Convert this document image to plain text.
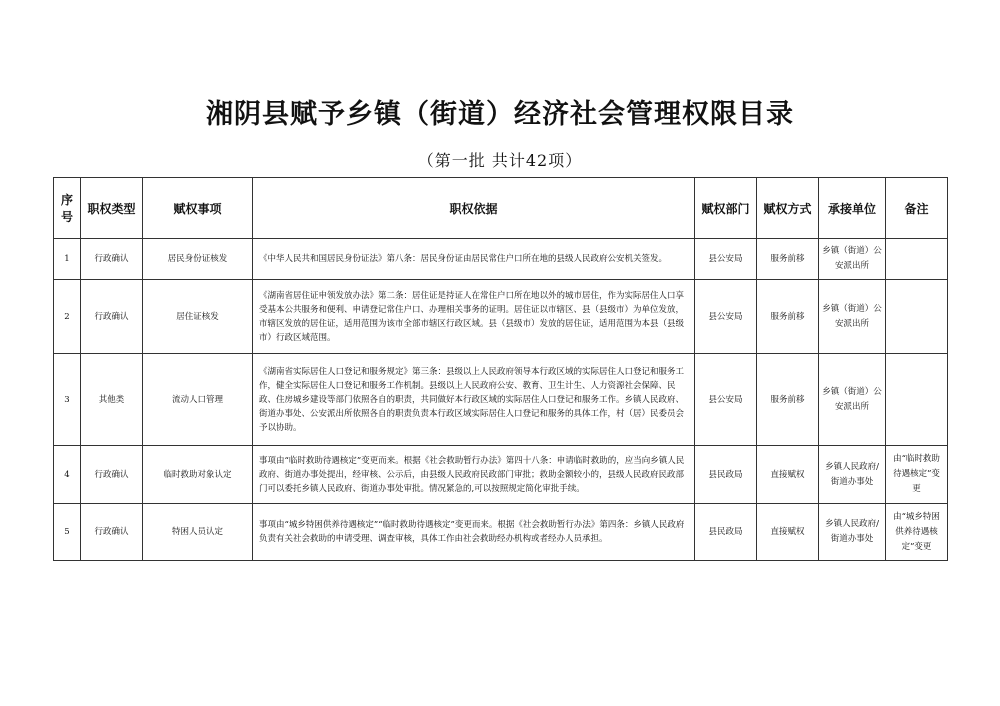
湘阴县赋予乡镇（街道）经济社会管理权限目录
（第一批 共计42项）
序号	职权类型	赋权事项	职权依据	赋权部门	赋权方式	承接单位	备注
1	行政确认	居民身份证核发	《中华人民共和国居民身份证法》第八条：居民身份证由居民常住户口所在地的县级人民政府公安机关签发。	县公安局	服务前移	乡镇（街道）公安派出所	
2	行政确认	居住证核发	《湖南省居住证申领发放办法》第二条：居住证是持证人在常住户口所在地以外的城市居住，作为实际居住人口享受基本公共服务和便利、申请登记常住户口、办理相关事务的证明。居住证以市辖区、县（县级市）为单位发放，市辖区发放的居住证，适用范围为该市全部市辖区行政区域。县（县级市）发放的居住证，适用范围为本县（县级市）行政区域范围。	县公安局	服务前移	乡镇（街道）公安派出所	
3	其他类	流动人口管理	《湖南省实际居住人口登记和服务规定》第三条：县级以上人民政府领导本行政区域的实际居住人口登记和服务工作，健全实际居住人口登记和服务工作机制。县级以上人民政府公安、教育、卫生计生、人力资源社会保障、民政、住房城乡建设等部门依照各自的职责，共同做好本行政区域的实际居住人口登记和服务工作。乡镇人民政府、街道办事处、公安派出所依照各自的职责负责本行政区域实际居住人口登记和服务的具体工作，村（居）民委员会予以协助。	县公安局	服务前移	乡镇（街道）公安派出所	
4	行政确认	临时救助对象认定	事项由“临时救助待遇核定”变更而来。根据《社会救助暂行办法》第四十八条：申请临时救助的，应当向乡镇人民政府、街道办事处提出，经审核、公示后，由县级人民政府民政部门审批；救助金额较小的，县级人民政府民政部门可以委托乡镇人民政府、街道办事处审批。情况紧急的,可以按照规定简化审批手续。	县民政局	直接赋权	乡镇人民政府/街道办事处	由“临时救助待遇核定”变更
5	行政确认	特困人员认定	事项由“城乡特困供养待遇核定”“临时救助待遇核定”变更而来。根据《社会救助暂行办法》第四条：乡镇人民政府负责有关社会救助的申请受理、调查审核，具体工作由社会救助经办机构或者经办人员承担。	县民政局	直接赋权	乡镇人民政府/街道办事处	由“城乡特困供养待遇核定”变更
